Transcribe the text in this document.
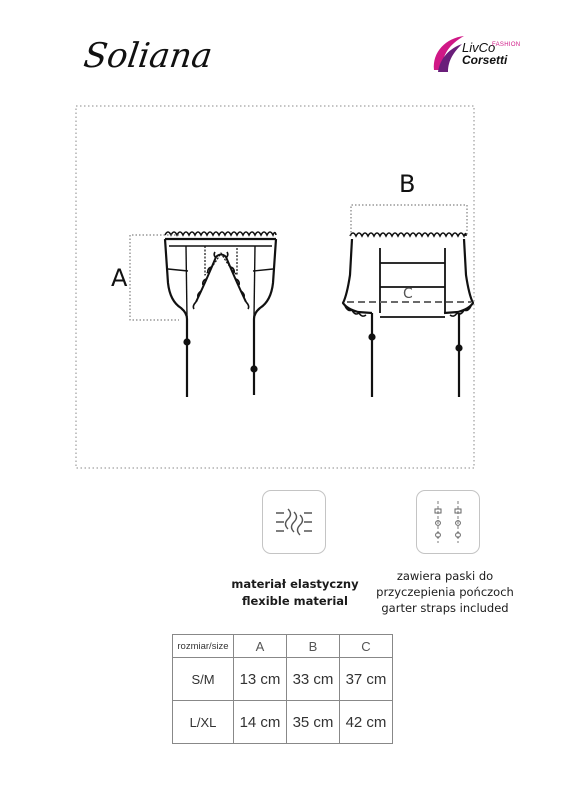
Soliana	LivCo
FASHION
Corsetti
A
B
C
materiał elastyczny
flexible material
zawiera paski do
przyczepienia pończoch
garter straps included
rozmiar/size	A	B	C
S/M	13 cm	33 cm	37 cm
L/XL	14 cm	35 cm	42 cm
